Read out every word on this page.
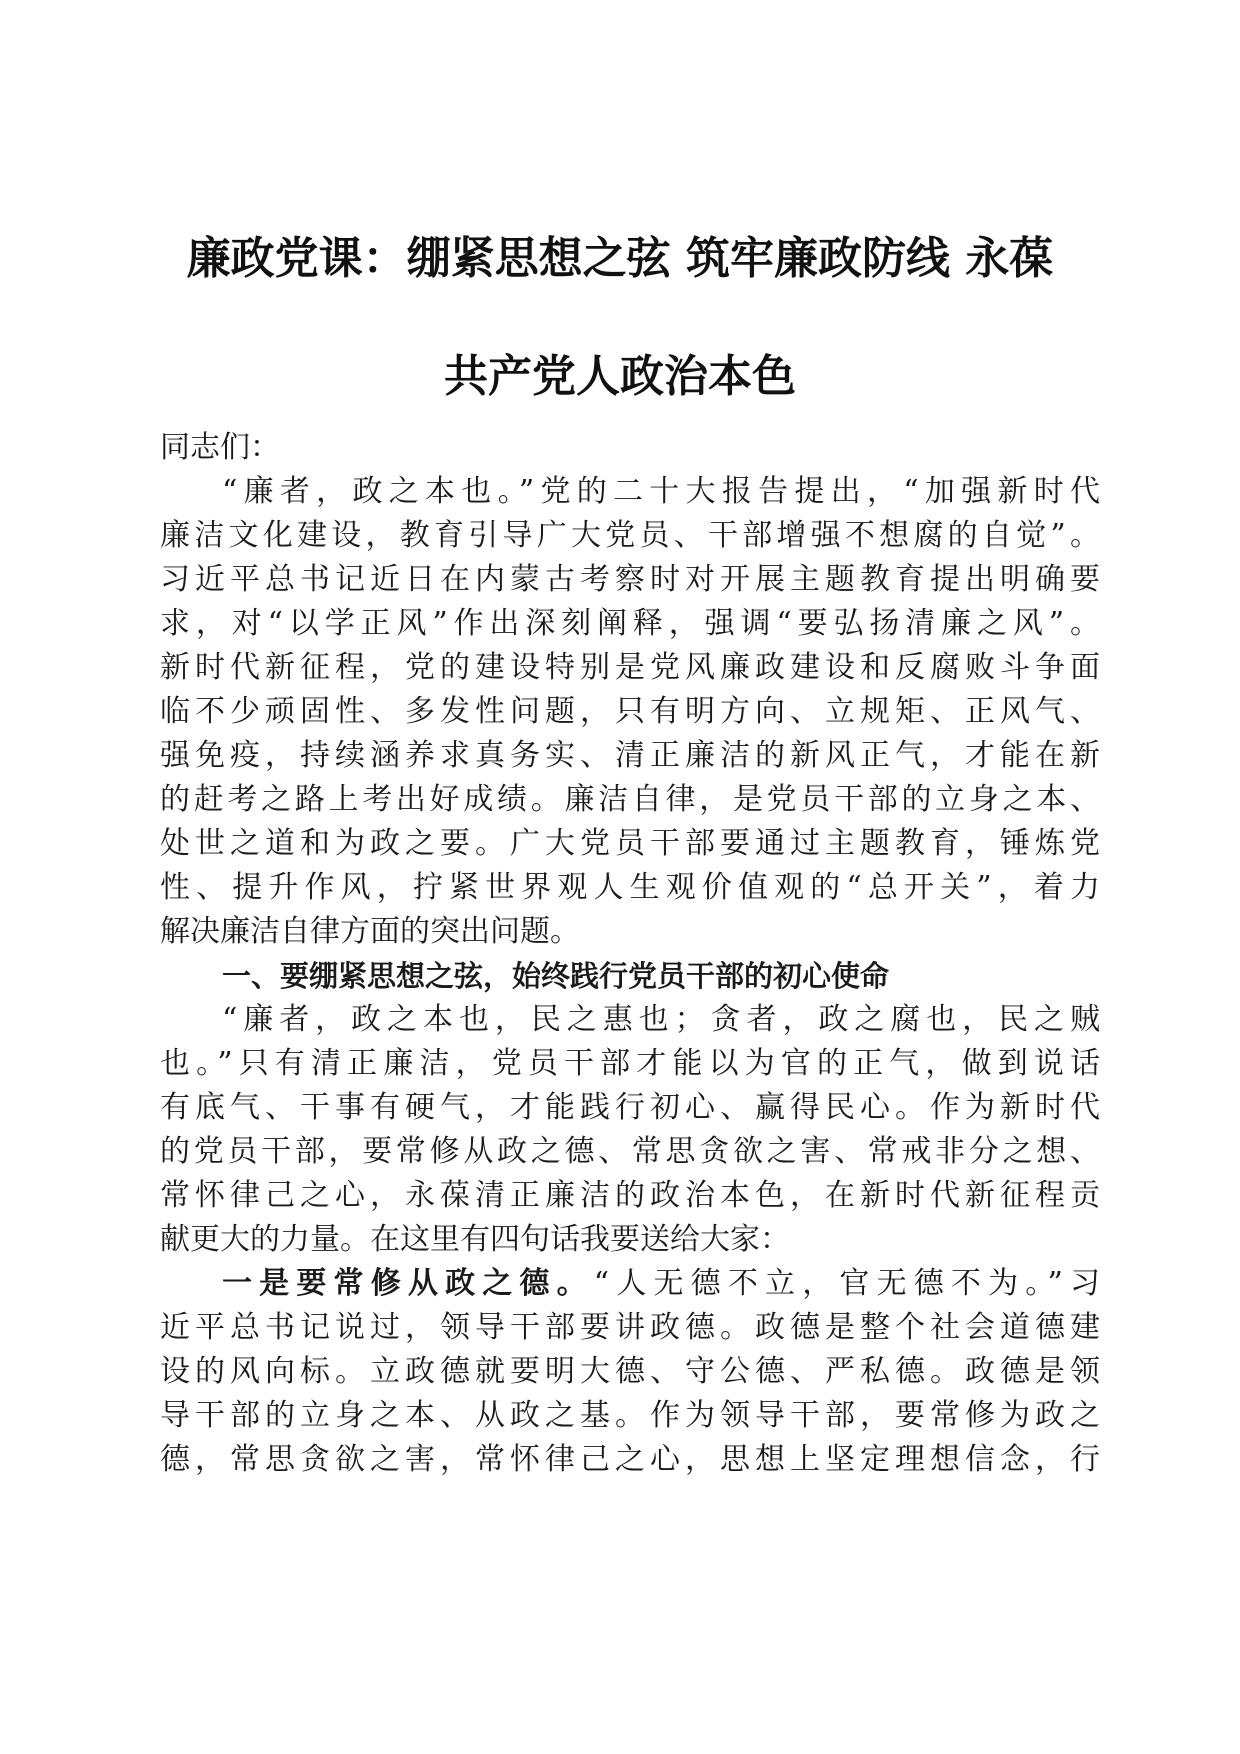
廉政党课：绷紧思想之弦 筑牢廉政防线 永葆
共产党人政治本色
同志们：
“廉者，政之本也。”党的二十大报告提出，“加强新时代
廉洁文化建设，教育引导广大党员、干部增强不想腐的自觉”。
习近平总书记近日在内蒙古考察时对开展主题教育提出明确要
求，对“以学正风”作出深刻阐释，强调“要弘扬清廉之风”。
新时代新征程，党的建设特别是党风廉政建设和反腐败斗争面
临不少顽固性、多发性问题，只有明方向、立规矩、正风气、
强免疫，持续涵养求真务实、清正廉洁的新风正气，才能在新
的赶考之路上考出好成绩。廉洁自律，是党员干部的立身之本、
处世之道和为政之要。广大党员干部要通过主题教育，锤炼党
性、提升作风，拧紧世界观人生观价值观的“总开关”，着力
解决廉洁自律方面的突出问题。
一、要绷紧思想之弦，始终践行党员干部的初心使命
“廉者，政之本也，民之惠也；贪者，政之腐也，民之贼
也。”只有清正廉洁，党员干部才能以为官的正气，做到说话
有底气、干事有硬气，才能践行初心、赢得民心。作为新时代
的党员干部，要常修从政之德、常思贪欲之害、常戒非分之想、
常怀律己之心，永葆清正廉洁的政治本色，在新时代新征程贡
献更大的力量。在这里有四句话我要送给大家：
一是要常修从政之德。“人无德不立，官无德不为。”习
近平总书记说过，领导干部要讲政德。政德是整个社会道德建
设的风向标。立政德就要明大德、守公德、严私德。政德是领
导干部的立身之本、从政之基。作为领导干部，要常修为政之
德，常思贪欲之害，常怀律己之心，思想上坚定理想信念，行
